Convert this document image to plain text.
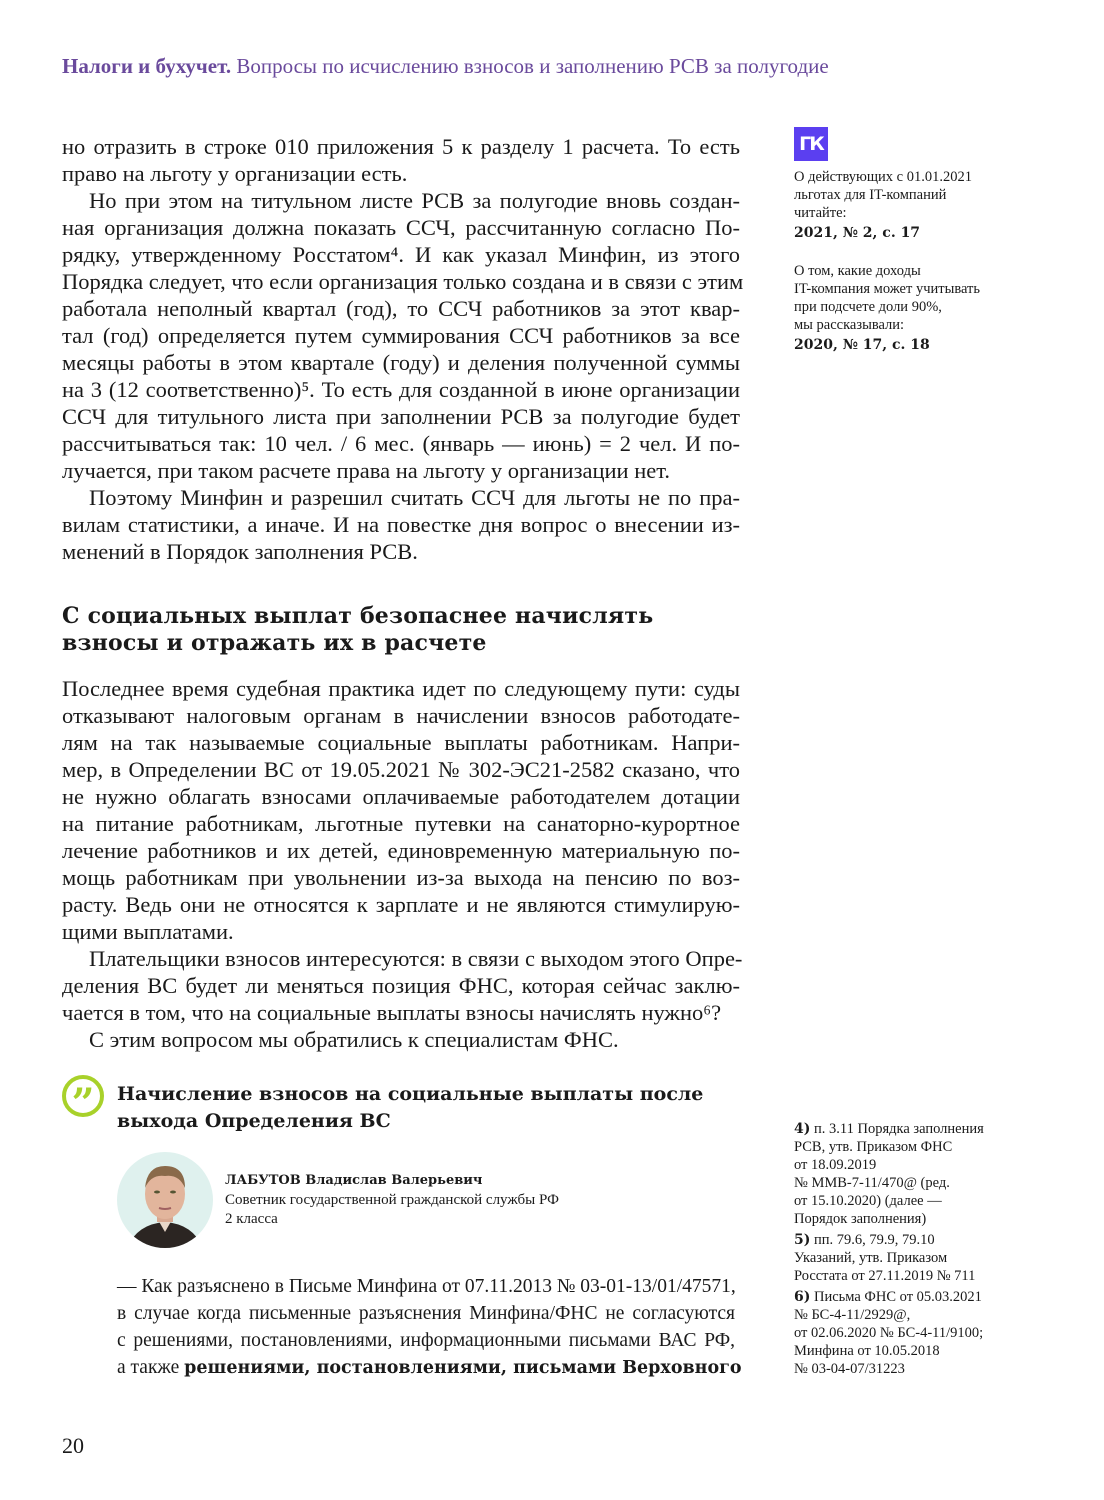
Налоги и бухучет. Вопросы по исчислению взносов и заполнению РСВ за полугодие
но отразить в строке 010 приложения 5 к разделу 1 расчета. То есть
право на льготу у организации есть.
Но при этом на титульном листе РСВ за полугодие вновь создан-
ная организация должна показать ССЧ, рассчитанную согласно По-
рядку, утвержденному Росстатом⁴. И как указал Минфин, из этого
Порядка следует, что если организация только создана и в связи с этим
работала неполный квартал (год), то ССЧ работников за этот квар-
тал (год) определяется путем суммирования ССЧ работников за все
месяцы работы в этом квартале (году) и деления полученной суммы
на 3 (12 соответственно)⁵. То есть для созданной в июне организации
ССЧ для титульного листа при заполнении РСВ за полугодие будет
рассчитываться так: 10 чел. / 6 мес. (январь — июнь) = 2 чел. И по-
лучается, при таком расчете права на льготу у организации нет.
Поэтому Минфин и разрешил считать ССЧ для льготы не по пра-
вилам статистики, а иначе. И на повестке дня вопрос о внесении из-
менений в Порядок заполнения РСВ.
С социальных выплат безопаснее начислять
взносы и отражать их в расчете
Последнее время судебная практика идет по следующему пути: суды
отказывают налоговым органам в начислении взносов работодате-
лям на так называемые социальные выплаты работникам. Напри-
мер, в Определении ВС от 19.05.2021 № 302-ЭС21-2582 сказано, что
не нужно облагать взносами оплачиваемые работодателем дотации
на питание работникам, льготные путевки на санаторно-курортное
лечение работников и их детей, единовременную материальную по-
мощь работникам при увольнении из-за выхода на пенсию по воз-
расту. Ведь они не относятся к зарплате и не являются стимулирую-
щими выплатами.
Плательщики взносов интересуются: в связи с выходом этого Опре-
деления ВС будет ли меняться позиция ФНС, которая сейчас заклю-
чается в том, что на социальные выплаты взносы начислять нужно⁶?
С этим вопросом мы обратились к специалистам ФНС.
”	Начисление взносов на социальные выплаты после
выхода Определения ВС
ЛАБУТОВ Владислав Валерьевич
Советник государственной гражданской службы РФ
2 класса
— Как разъяснено в Письме Минфина от 07.11.2013 № 03-01-13/01/47571,
в случае когда письменные разъяснения Минфина/ФНС не согласуются
с решениями, постановлениями, информационными письмами ВАС РФ,
а также решениями, постановлениями, письмами Верховного
ГК
О действующих с 01.01.2021
льготах для IT-компаний
читайте:
2021, № 2, с. 17
О том, какие доходы
IT-компания может учитывать
при подсчете доли 90%,
мы рассказывали:
2020, № 17, с. 18
4) п. 3.11 Порядка заполнения
РСВ, утв. Приказом ФНС
от 18.09.2019
№ ММВ-7-11/470@ (ред.
от 15.10.2020) (далее —
Порядок заполнения)
5) пп. 79.6, 79.9, 79.10
Указаний, утв. Приказом
Росстата от 27.11.2019 № 711
6) Письма ФНС от 05.03.2021
№ БС-4-11/2929@,
от 02.06.2020 № БС-4-11/9100;
Минфина от 10.05.2018
№ 03-04-07/31223
20
